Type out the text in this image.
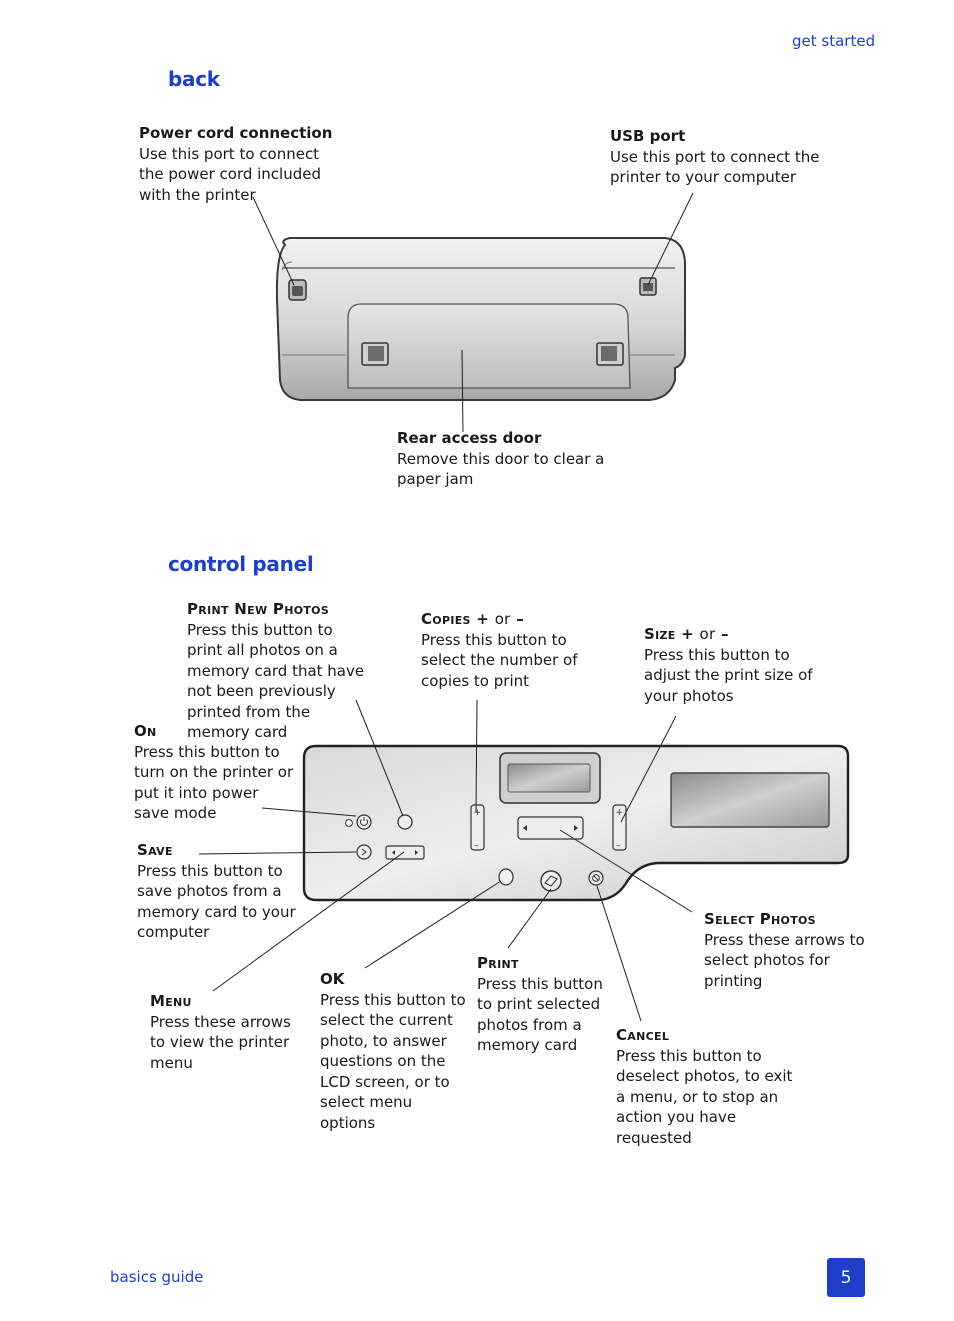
get started
back
control panel
+
–
+
–
Power cord connection
Use this port to connect the power cord included with the printer
USB port
Use this port to connect the printer to your computer
Rear access door
Remove this door to clear a paper jam
Print New Photos
Press this button to print all photos on a memory card that have not been previously printed from the memory card
Copies + or –
Press this button to select the number of copies to print
Size + or –
Press this button to adjust the print size of your photos
On
Press this button to turn on the printer or put it into power save mode
Save
Press this button to save photos from a memory card to your computer
Select Photos
Press these arrows to select photos for printing
Print
Press this button to print selected photos from a memory card
OK
Press this button to select the current photo, to answer questions on the LCD screen, or to select menu options
Menu
Press these arrows to view the printer menu
Cancel
Press this button to deselect photos, to exit a menu, or to stop an action you have requested
basics guide	5
